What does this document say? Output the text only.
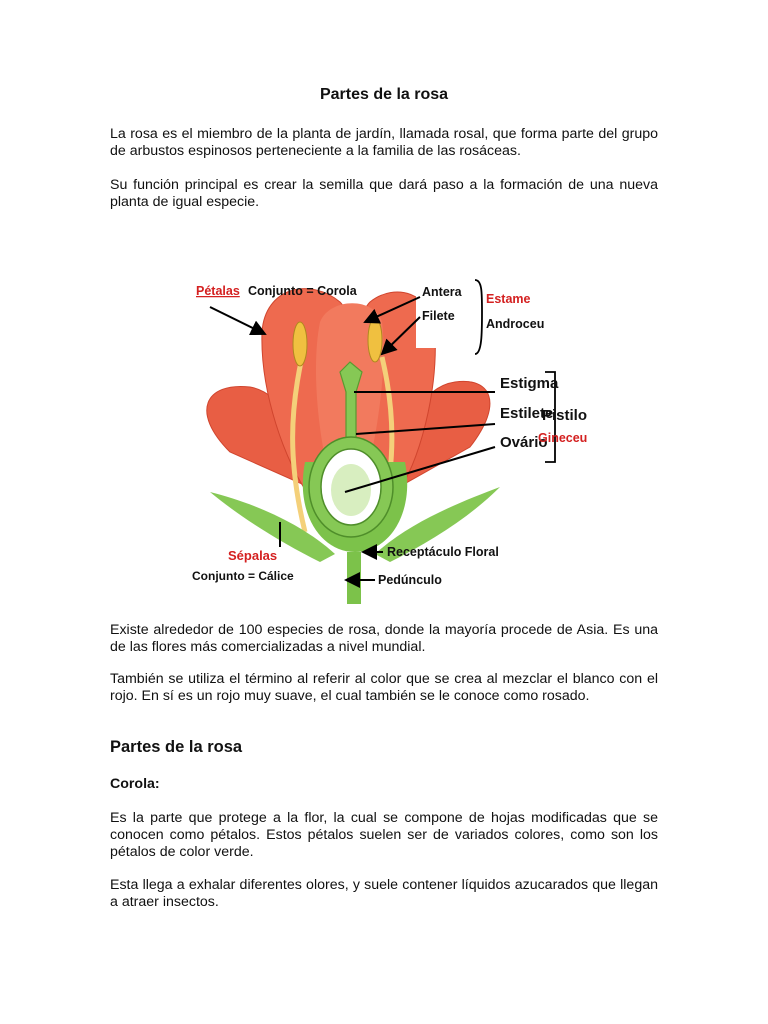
Partes de la rosa

La rosa es el miembro de la planta de jardín, llamada rosal, que forma parte del grupo de arbustos espinosos perteneciente a la familia de las rosáceas.

Su función principal es crear la semilla que dará paso a la formación de una nueva planta de igual especie.

Pétalas Conjunto = Corola	Antera
Filete
Estame
Androceu
Estigma
Estilete
Ovário
Pistilo
Gineceu
Sépalas
Conjunto = Cálice
Receptáculo Floral
Pedúnculo

Existe alrededor de 100 especies de rosa, donde la mayoría procede de Asia. Es una de las flores más comercializadas a nivel mundial.

También se utiliza el término al referir al color que se crea al mezclar el blanco con el rojo. En sí es un rojo muy suave, el cual también se le conoce como rosado.

Partes de la rosa
Corola:

Es la parte que protege a la flor, la cual se compone de hojas modificadas que se conocen como pétalos. Estos pétalos suelen ser de variados colores, como son los pétalos de color verde.

Esta llega a exhalar diferentes olores, y suele contener líquidos azucarados que llegan a atraer insectos.
